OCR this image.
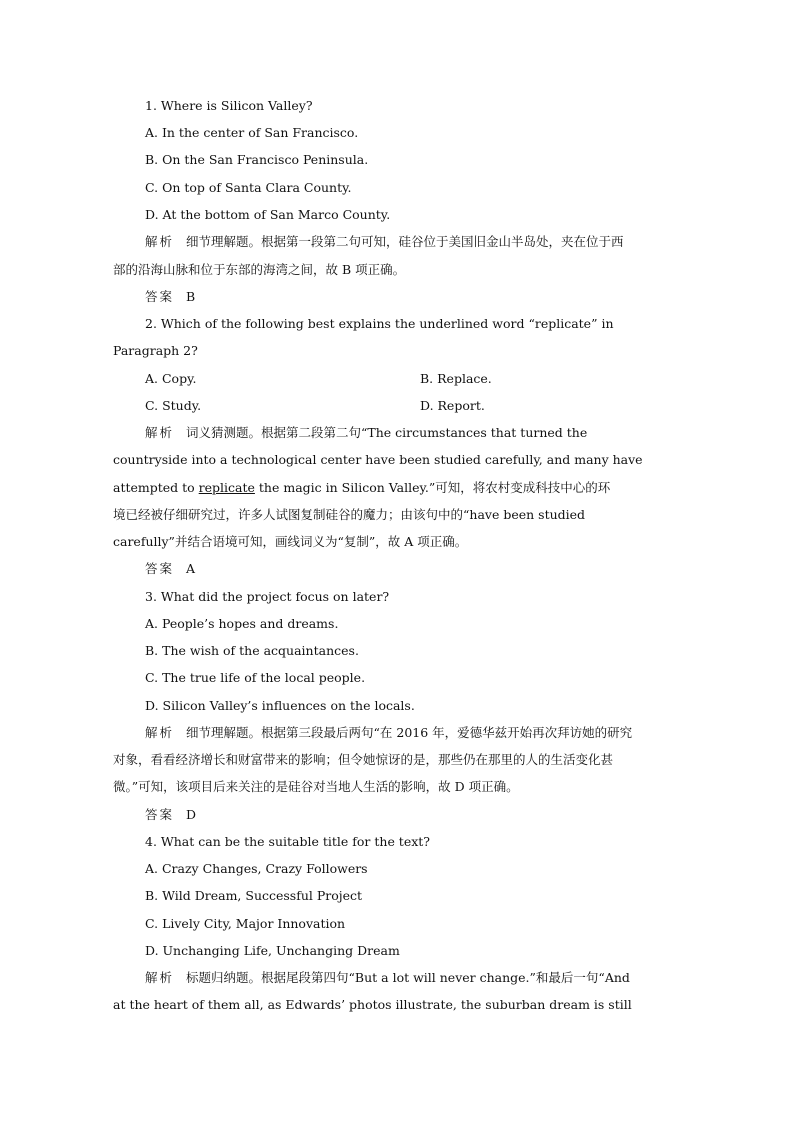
1. Where is Silicon Valley?
A. In the center of San Francisco.
B. On the San Francisco Peninsula.
C. On top of Santa Clara County.
D. At the bottom of San Marco County.
解析 细节理解题。根据第一段第二句可知，硅谷位于美国旧金山半岛处，夹在位于西
部的沿海山脉和位于东部的海湾之间，故 B 项正确。
答案 B
2. Which of the following best explains the underlined word “replicate” in
Paragraph 2?
A. Copy.	B. Replace.
C. Study.	D. Report.
解析 词义猜测题。根据第二段第二句“The circumstances that turned the
countryside into a technological center have been studied carefully, and many have
attempted to replicate the magic in Silicon Valley.”可知，将农村变成科技中心的环
境已经被仔细研究过，许多人试图复制硅谷的魔力；由该句中的“have been studied
carefully”并结合语境可知，画线词义为“复制”，故 A 项正确。
答案 A
3. What did the project focus on later?
A. People’s hopes and dreams.
B. The wish of the acquaintances.
C. The true life of the local people.
D. Silicon Valley’s influences on the locals.
解析 细节理解题。根据第三段最后两句“在 2016 年，爱德华兹开始再次拜访她的研究
对象，看看经济增长和财富带来的影响；但令她惊讶的是，那些仍在那里的人的生活变化甚
微。”可知，该项目后来关注的是硅谷对当地人生活的影响，故 D 项正确。
答案 D
4. What can be the suitable title for the text?
A. Crazy Changes, Crazy Followers
B. Wild Dream, Successful Project
C. Lively City, Major Innovation
D. Unchanging Life, Unchanging Dream
解析 标题归纳题。根据尾段第四句“But a lot will never change.”和最后一句“And
at the heart of them all, as Edwards’ photos illustrate, the suburban dream is still
